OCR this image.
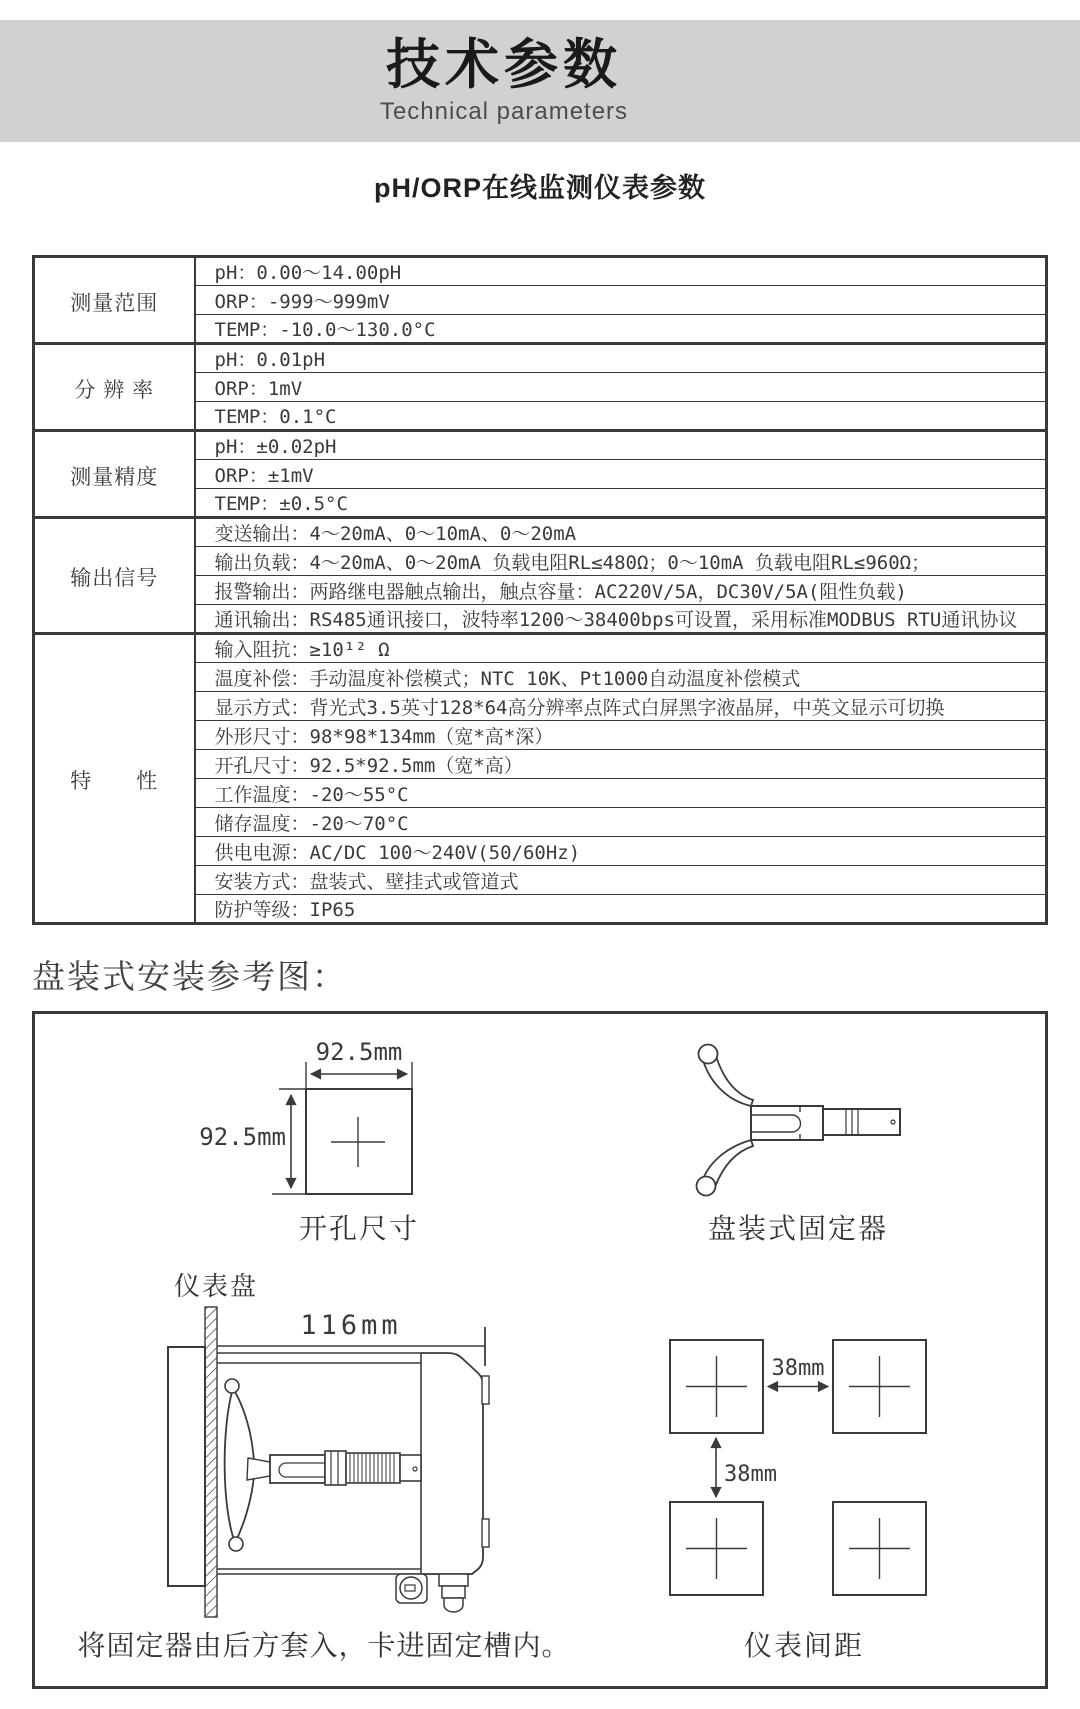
技术参数
Technical parameters
pH/ORP在线监测仪表参数
测量范围	pH：0.00～14.00pH
	ORP：-999～999mV
	TEMP：-10.0～130.0°C
分 辨 率	pH：0.01pH
	ORP：1mV
	TEMP：0.1°C
测量精度	pH：±0.02pH
	ORP：±1mV
	TEMP：±0.5°C
输出信号	变送输出：4～20mA、0～10mA、0～20mA
	输出负载：4～20mA、0～20mA 负载电阻RL≤480Ω；0～10mA 负载电阻RL≤960Ω；
	报警输出：两路继电器触点输出，触点容量：AC220V/5A，DC30V/5A(阻性负载)
	通讯输出：RS485通讯接口，波特率1200～38400bps可设置，采用标准MODBUS RTU通讯协议
特　　性	输入阻抗：≥10¹² Ω
	温度补偿：手动温度补偿模式；NTC 10K、Pt1000自动温度补偿模式
	显示方式：背光式3.5英寸128*64高分辨率点阵式白屏黑字液晶屏，中英文显示可切换
	外形尺寸：98*98*134mm（宽*高*深）
	开孔尺寸：92.5*92.5mm（宽*高）
	工作温度：-20～55°C
	储存温度：-20～70°C
	供电电源：AC/DC 100～240V(50/60Hz)
	安装方式：盘装式、壁挂式或管道式
	防护等级：IP65
盘装式安装参考图：
92.5mm
92.5mm
开孔尺寸	盘装式固定器
仪表盘
116mm
将固定器由后方套入，卡进固定槽内。
38mm
38mm
仪表间距
